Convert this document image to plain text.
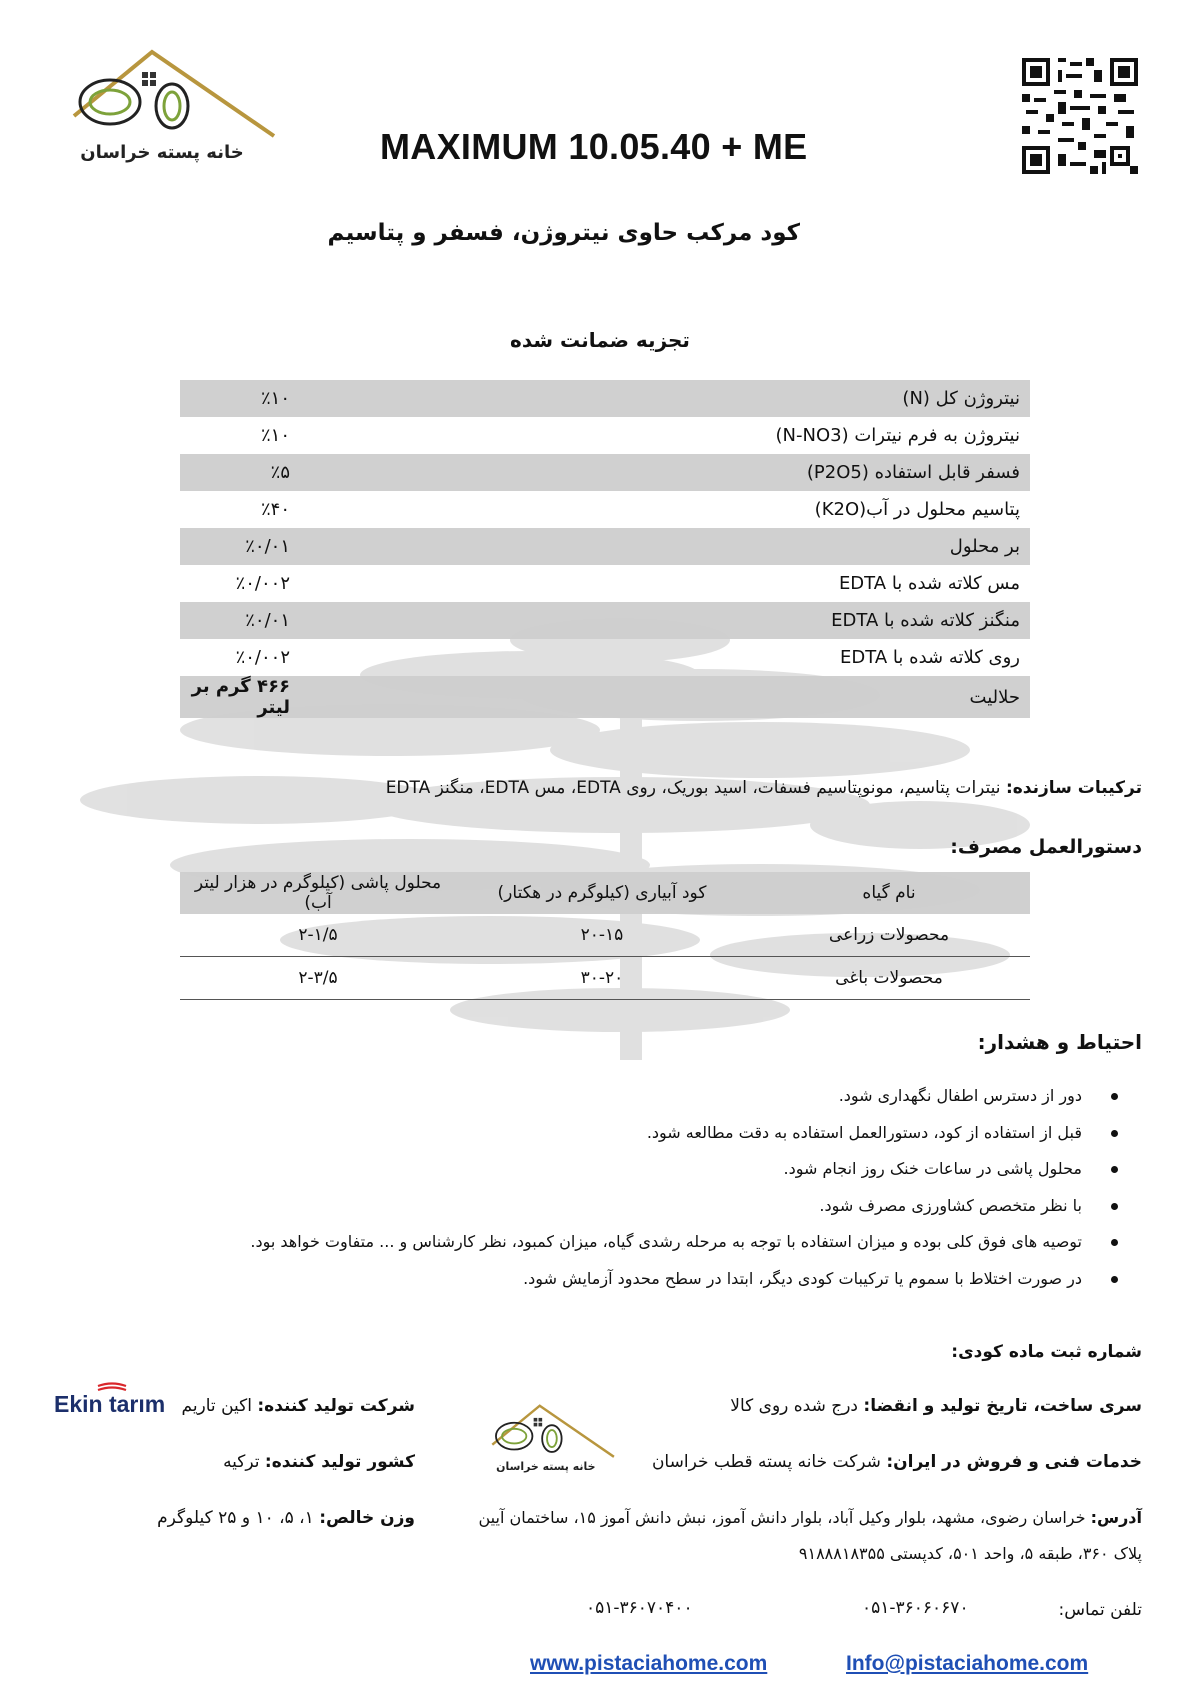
خانه پسته خراسان	MAXIMUM 10.05.40 + ME
کود مرکب حاوی نیتروژن، فسفر و پتاسیم
تجزیه ضمانت شده
نیتروژن کل (N)	٪۱۰
نیتروژن به فرم نیترات (N-NO3)	٪۱۰
فسفر قابل استفاده (P2O5)	٪۵
پتاسیم محلول در آب(K2O)	٪۴۰
بر محلول	٪۰/۰۱
مس کلاته شده با EDTA	٪۰/۰۰۲
منگنز کلاته شده با EDTA	٪۰/۰۱
روی کلاته شده با EDTA	٪۰/۰۰۲
حلالیت	۴۶۶ گرم بر لیتر
ترکیبات سازنده: نیترات پتاسیم، مونوپتاسیم فسفات، اسید بوریک، روی EDTA، مس EDTA، منگنز EDTA
دستورالعمل مصرف:
نام گیاه	کود آبیاری (کیلوگرم در هکتار)	محلول پاشی (کیلوگرم در هزار لیتر آب)
محصولات زراعی	۲۰-۱۵	۲-۱/۵
محصولات باغی	۳۰-۲۰	۲-۳/۵
احتیاط و هشدار:
دور از دسترس اطفال نگهداری شود.
قبل از استفاده از کود، دستورالعمل استفاده به دقت مطالعه شود.
محلول پاشی در ساعات خنک روز انجام شود.
با نظر متخصص کشاورزی مصرف شود.
توصیه های فوق کلی بوده و میزان استفاده با توجه به مرحله رشدی گیاه، میزان کمبود، نظر کارشناس و ... متفاوت خواهد بود.
در صورت اختلاط با سموم یا ترکیبات کودی دیگر، ابتدا در سطح محدود آزمایش شود.
شماره ثبت ماده کودی:
سری ساخت، تاریخ تولید و انقضا: درج شده روی کالا
خدمات فنی و فروش در ایران: شرکت خانه پسته قطب خراسان
آدرس: خراسان رضوی، مشهد، بلوار وکیل آباد، بلوار دانش آموز، نبش دانش آموز ۱۵، ساختمان آیین
پلاک ۳۶۰، طبقه ۵، واحد ۵۰۱، کدپستی ۹۱۸۸۸۱۸۳۵۵
تلفن تماس:
۰۵۱-۳۶۰۶۰۶۷۰
۰۵۱-۳۶۰۷۰۴۰۰
شرکت تولید کننده: اکین تاریم
کشور تولید کننده: ترکیه
وزن خالص: ۱، ۵، ۱۰ و ۲۵ کیلوگرم
Ekin tarım
خانه پسته خراسان
www.pistaciahome.com	Info@pistaciahome.com
